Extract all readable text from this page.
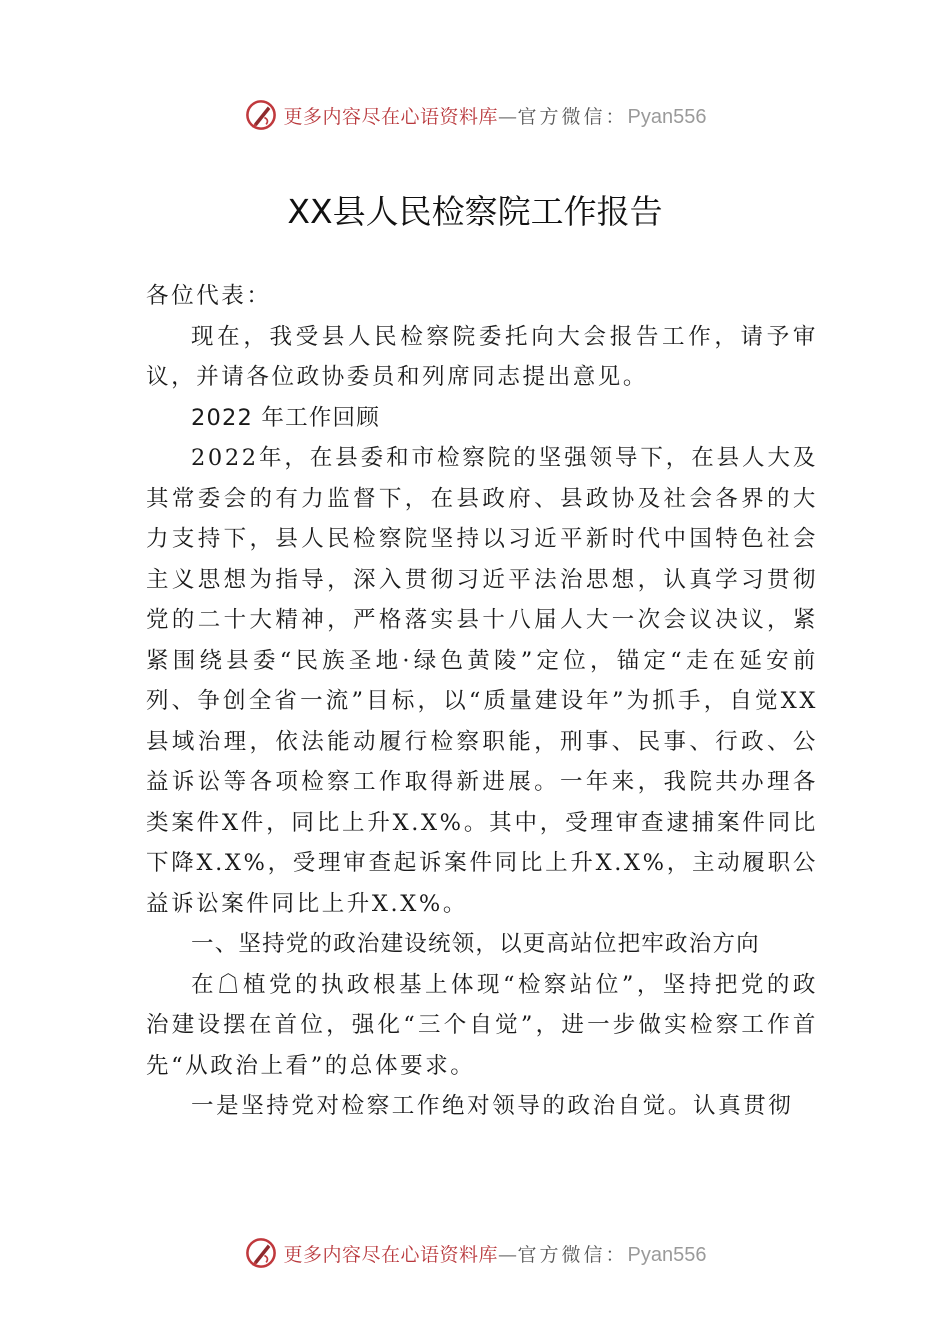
更多内容尽在心语资料库—官方微信：Pyan556
XX县人民检察院工作报告

各位代表：

现在，我受县人民检察院委托向大会报告工作，请予审议，并请各位政协委员和列席同志提出意见。

2022 年工作回顾

2022年，在县委和市检察院的坚强领导下，在县人大及其常委会的有力监督下，在县政府、县政协及社会各界的大力支持下，县人民检察院坚持以习近平新时代中国特色社会主义思想为指导，深入贯彻习近平法治思想，认真学习贯彻党的二十大精神，严格落实县十八届人大一次会议决议，紧紧围绕县委“民族圣地·绿色黄陵”定位，锚定“走在延安前列、争创全省一流”目标，以“质量建设年”为抓手，自觉XX县域治理，依法能动履行检察职能，刑事、民事、行政、公益诉讼等各项检察工作取得新进展。一年来，我院共办理各类案件X件，同比上升X.X%。其中，受理审查逮捕案件同比下降X.X%，受理审查起诉案件同比上升X.X%，主动履职公益诉讼案件同比上升X.X%。

一、坚持党的政治建设统领，以更高站位把牢政治方向

在☖植党的执政根基上体现“检察站位”，坚持把党的政治建设摆在首位，强化“三个自觉”，进一步做实检察工作首先“从政治上看”的总体要求。

一是坚持党对检察工作绝对领导的政治自觉。认真贯彻

更多内容尽在心语资料库—官方微信：Pyan556
